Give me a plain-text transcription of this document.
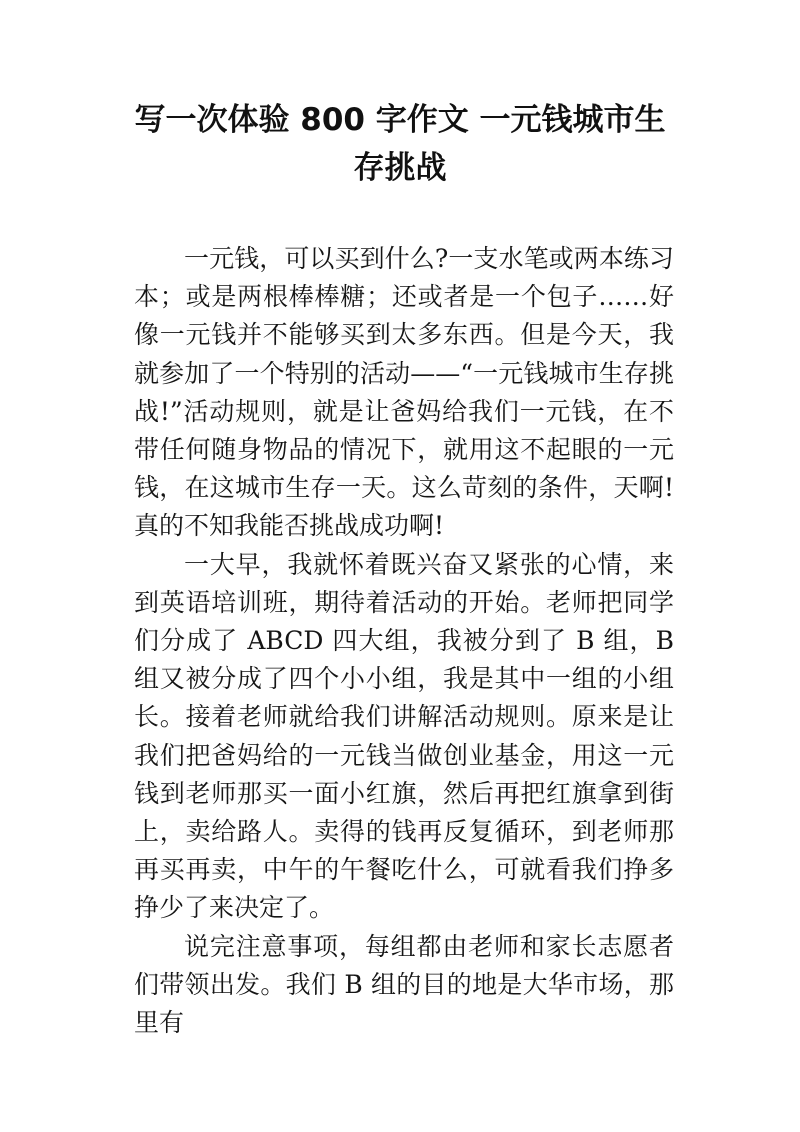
写一次体验 800 字作文 一元钱城市生存挑战

一元钱，可以买到什么?一支水笔或两本练习本；或是两根棒棒糖；还或者是一个包子……好像一元钱并不能够买到太多东西。但是今天，我就参加了一个特别的活动——“一元钱城市生存挑战!”活动规则，就是让爸妈给我们一元钱，在不带任何随身物品的情况下，就用这不起眼的一元钱，在这城市生存一天。这么苛刻的条件，天啊!真的不知我能否挑战成功啊!

一大早，我就怀着既兴奋又紧张的心情，来到英语培训班，期待着活动的开始。老师把同学们分成了 ABCD 四大组，我被分到了 B 组，B 组又被分成了四个小小组，我是其中一组的小组长。接着老师就给我们讲解活动规则。原来是让我们把爸妈给的一元钱当做创业基金，用这一元钱到老师那买一面小红旗，然后再把红旗拿到街上，卖给路人。卖得的钱再反复循环，到老师那再买再卖，中午的午餐吃什么，可就看我们挣多挣少了来决定了。

说完注意事项，每组都由老师和家长志愿者们带领出发。我们 B 组的目的地是大华市场，那里有
